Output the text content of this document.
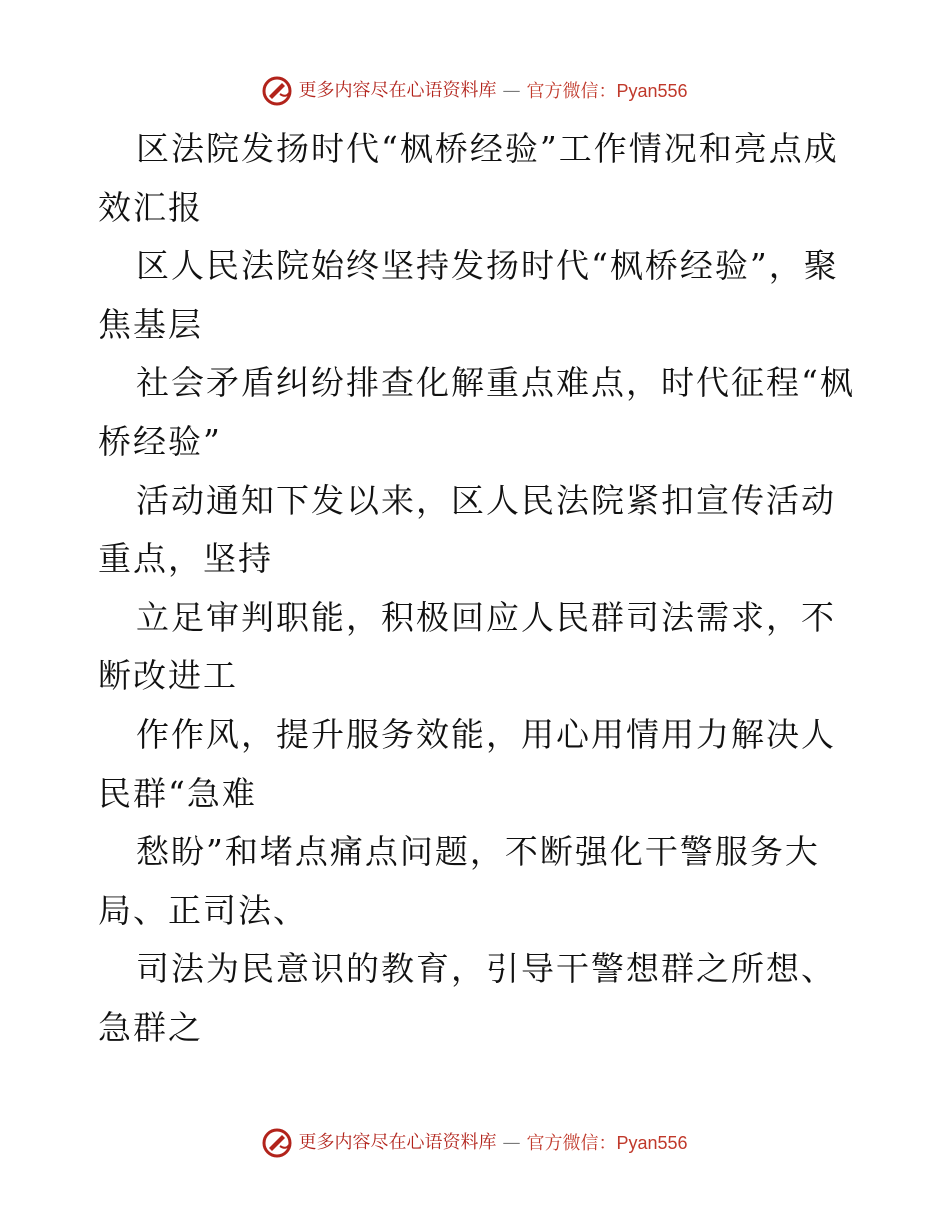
更多内容尽在心语资料库 — 官方微信：Pyan556

区法院发扬时代“枫桥经验”工作情况和亮点成效汇报

区人民法院始终坚持发扬时代“枫桥经验”，聚焦基层

社会矛盾纠纷排查化解重点难点，时代征程“枫桥经验”

活动通知下发以来，区人民法院紧扣宣传活动重点，坚持

立足审判职能，积极回应人民群司法需求，不断改进工

作作风，提升服务效能，用心用情用力解决人民群“急难

愁盼”和堵点痛点问题，不断强化干警服务大局、正司法、

司法为民意识的教育，引导干警想群之所想、急群之

更多内容尽在心语资料库 — 官方微信：Pyan556
